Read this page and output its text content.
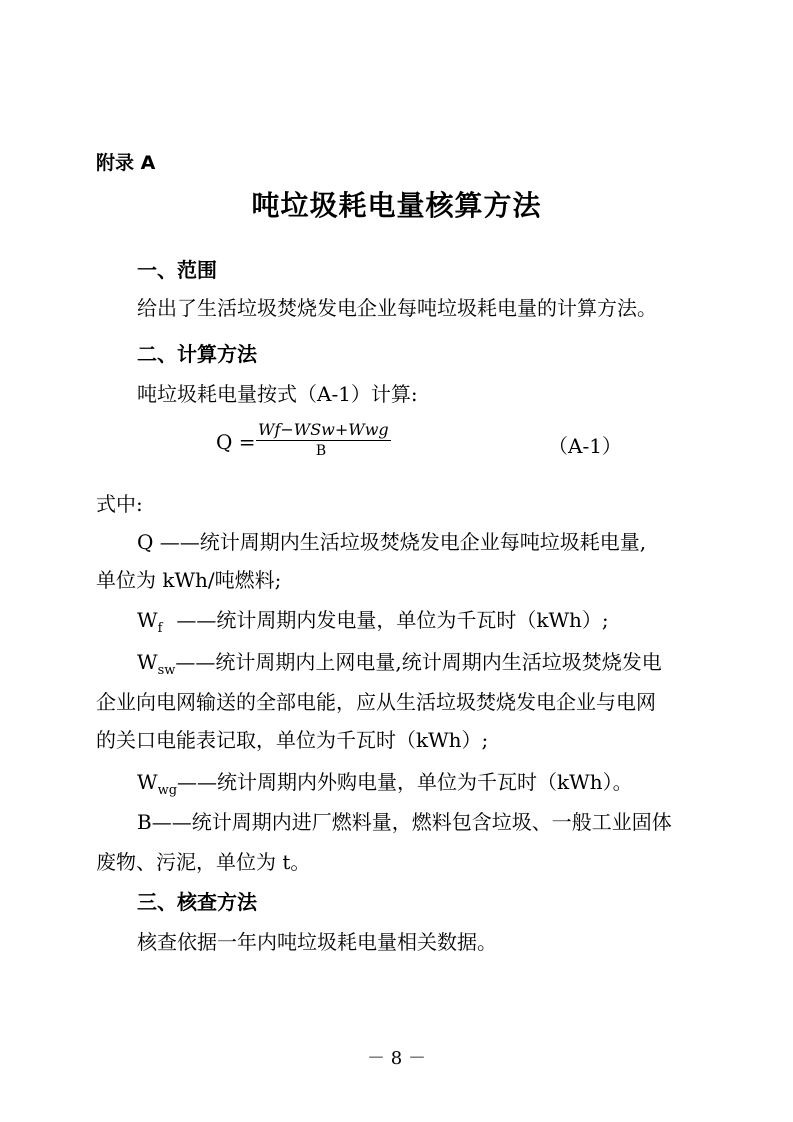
附录 A
吨垃圾耗电量核算方法
一、范围
给出了生活垃圾焚烧发电企业每吨垃圾耗电量的计算方法。
二、计算方法
吨垃圾耗电量按式（A-1）计算:
Q =
Wf−WSw+Wwg
B	（A-1）
式中:
Q ——统计周期内生活垃圾焚烧发电企业每吨垃圾耗电量,
单位为 kWh/吨燃料;
$W_f$ ——统计周期内发电量，单位为千瓦时（kWh）;
$W_{sw}——$统计周期内上网电量,统计周期内生活垃圾焚烧发电
企业向电网输送的全部电能，应从生活垃圾焚烧发电企业与电网
的关口电能表记取，单位为千瓦时（kWh）;
$W_{wg}——$统计周期内外购电量，单位为千瓦时（kWh）。
B——统计周期内进厂燃料量，燃料包含垃圾、一般工业固体
废物、污泥，单位为 t。
三、核查方法
核查依据一年内吨垃圾耗电量相关数据。
－ 8 －
